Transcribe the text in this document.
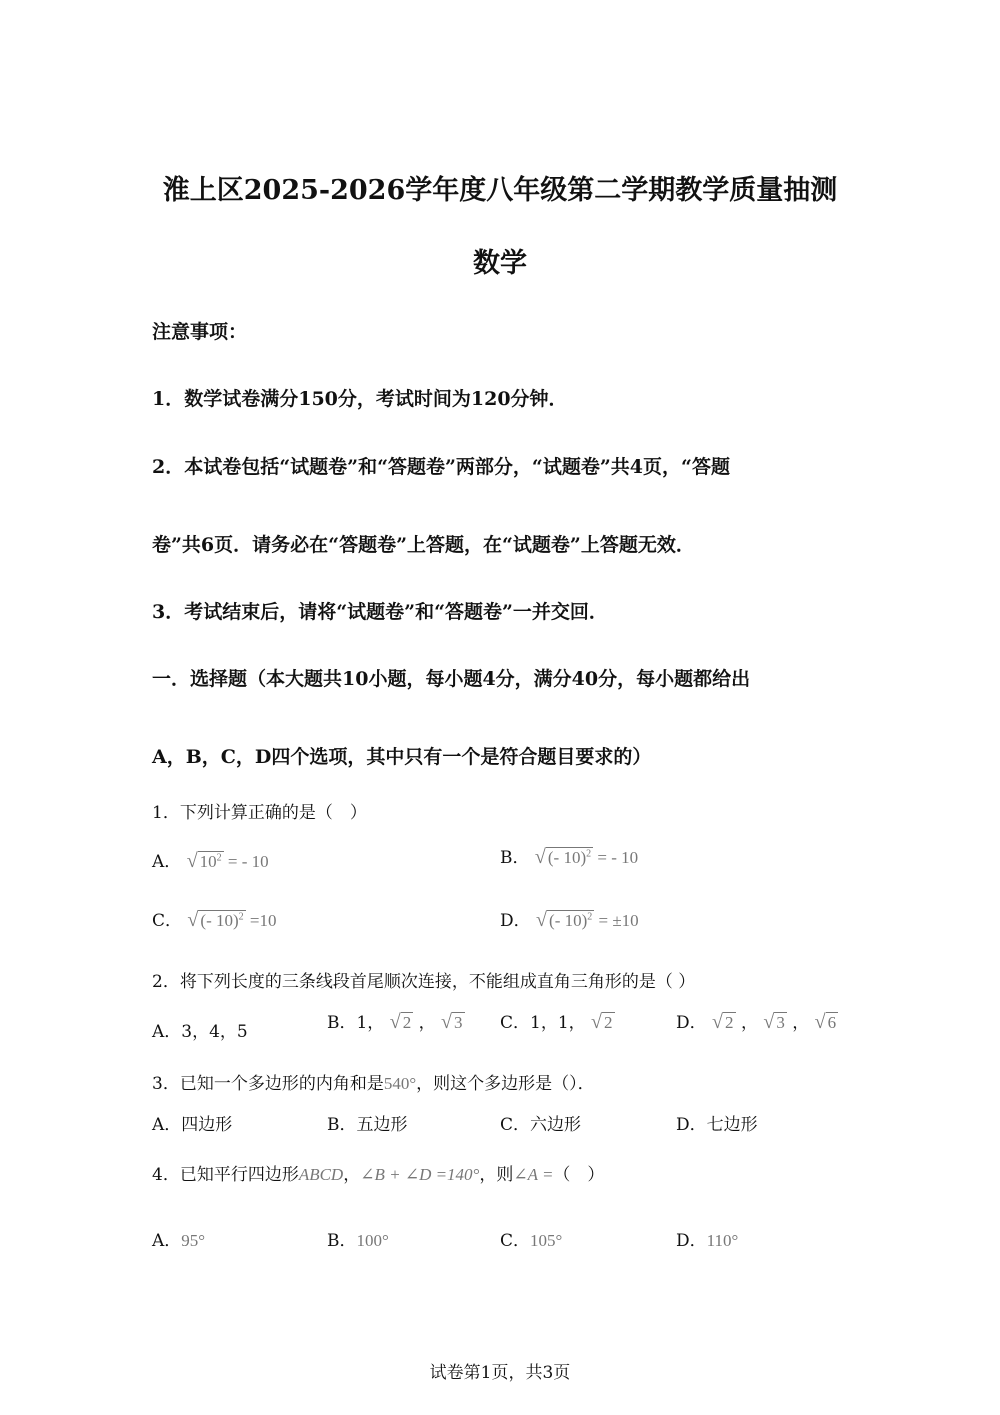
淮上区2025-2026学年度八年级第二学期教学质量抽测
数学
注意事项：
1．数学试卷满分150分，考试时间为120分钟．
2．本试卷包括“试题卷”和“答题卷”两部分，“试题卷”共4页，“答题
卷”共6页．请务必在“答题卷”上答题，在“试题卷”上答题无效．
3．考试结束后，请将“试题卷”和“答题卷”一并交回．
一．选择题（本大题共10小题，每小题4分，满分40分，每小题都给出
A，B，C，D四个选项，其中只有一个是符合题目要求的）
1．下列计算正确的是（　）
A． √ $10^2$ = - 10	B． √ (- 10)$^2$ = - 10
C． √ (- 10)$^2$ =10	D． √ (- 10)$^2$ = ±10
2．将下列长度的三条线段首尾顺次连接，不能组成直角三角形的是（ ）
A．3，4，5	B．1， √ 2 ， √ 3 C．1，1， √ 2	D． √ 2 ， √ 3 ， √ 6
3．已知一个多边形的内角和是540°，则这个多边形是（）．
A．四边形	B．五边形	C．六边形	D．七边形
4．已知平行四边形ABCD，∠B + ∠D =140°，则∠A =（　）
A．95°	B．100°	C．105°	D．110°
试卷第1页，共3页
